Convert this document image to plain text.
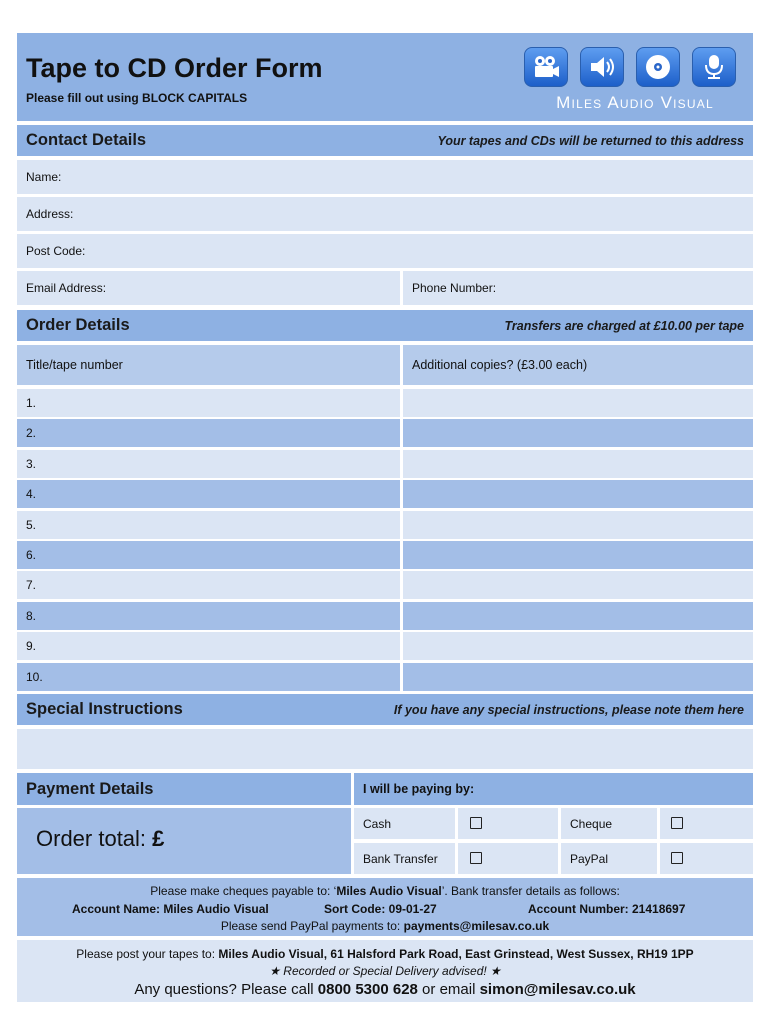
Tape to CD Order Form
Please fill out using BLOCK CAPITALS	Miles Audio Visual
Contact Details	Your tapes and CDs will be returned to this address
Name:
Address:
Post Code:
Email Address:	Phone Number:
Order Details	Transfers are charged at £10.00 per tape
Title/tape number	Additional copies? (£3.00 each)
1.
2.
3.
4.
5.
6.
7.
8.
9.
10.
Special Instructions	If you have any special instructions, please note them here
Payment Details	I will be paying by:
Order total: £
Cash	Cheque
Bank Transfer	PayPal
Please make cheques payable to: ‘Miles Audio Visual’. Bank transfer details as follows:
Account Name: Miles Audio Visual	Sort Code: 09-01-27	Account Number: 21418697
Please send PayPal payments to: payments@milesav.co.uk
Please post your tapes to: Miles Audio Visual, 61 Halsford Park Road, East Grinstead, West Sussex, RH19 1PP
★ Recorded or Special Delivery advised! ★
Any questions? Please call 0800 5300 628 or email simon@milesav.co.uk
